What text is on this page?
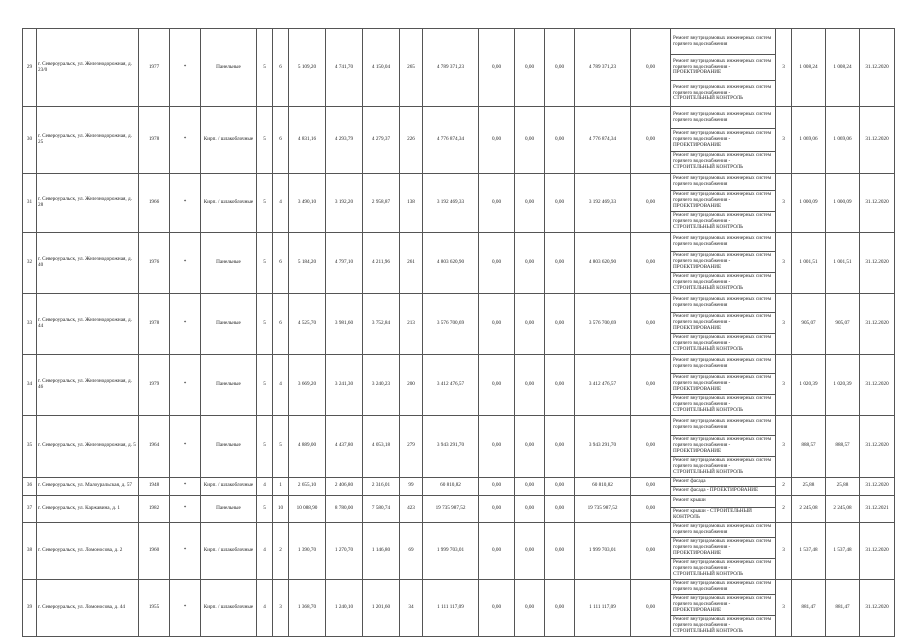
29	г. Североуральск, ул. Железнодорожная, д. 23/0	1977	*	Панельные	5	6	5 109,20	4 741,70	4 150,04	265	4 789 371,23	0,00	0,00	0,00	4 789 371,23	0,00	Ремонт внутридомовых инженерных систем горячего водоснабжения	3	1 008,24	1 008,24	31.12.2020
																	Ремонт внутридомовых инженерных систем горячего водоснабжения - ПРОЕКТИРОВАНИЕ				
																	Ремонт внутридомовых инженерных систем горячего водоснабжения - СТРОИТЕЛЬНЫЙ КОНТРОЛЬ				
30	г. Североуральск, ул. Железнодорожная, д. 25	1978	*	Кирп. / шлакоблочные	5	6	4 831,16	4 293,79	4 279,37	226	4 776 874,34	0,00	0,00	0,00	4 776 874,34	0,00	Ремонт внутридомовых инженерных систем горячего водоснабжения	3	1 069,06	1 069,06	31.12.2020
																	Ремонт внутридомовых инженерных систем горячего водоснабжения - ПРОЕКТИРОВАНИЕ				
																	Ремонт внутридомовых инженерных систем горячего водоснабжения - СТРОИТЕЛЬНЫЙ КОНТРОЛЬ				
31	г. Североуральск, ул. Железнодорожная, д. 28	1966	*	Кирп. / шлакоблочные	5	4	3 490,10	3 192,20	2 958,87	138	3 192 469,33	0,00	0,00	0,00	3 192 469,33	0,00	Ремонт внутридомовых инженерных систем горячего водоснабжения	3	1 000,09	1 000,09	31.12.2020
																	Ремонт внутридомовых инженерных систем горячего водоснабжения - ПРОЕКТИРОВАНИЕ				
																	Ремонт внутридомовых инженерных систем горячего водоснабжения - СТРОИТЕЛЬНЫЙ КОНТРОЛЬ				
32	г. Североуральск, ул. Железнодорожная, д. 40	1976	*	Панельные	5	6	5 184,20	4 797,10	4 211,96	261	4 803 620,90	0,00	0,00	0,00	4 803 620,90	0,00	Ремонт внутридомовых инженерных систем горячего водоснабжения	3	1 001,51	1 001,51	31.12.2020
																	Ремонт внутридомовых инженерных систем горячего водоснабжения - ПРОЕКТИРОВАНИЕ				
																	Ремонт внутридомовых инженерных систем горячего водоснабжения - СТРОИТЕЛЬНЫЙ КОНТРОЛЬ				
33	г. Североуральск, ул. Железнодорожная, д. 44	1978	*	Панельные	5	6	4 525,70	3 981,60	3 752,84	213	3 576 700,69	0,00	0,00	0,00	3 576 700,69	0,00	Ремонт внутридомовых инженерных систем горячего водоснабжения	3	905,07	905,07	31.12.2020
																	Ремонт внутридомовых инженерных систем горячего водоснабжения - ПРОЕКТИРОВАНИЕ				
																	Ремонт внутридомовых инженерных систем горячего водоснабжения - СТРОИТЕЛЬНЫЙ КОНТРОЛЬ				
34	г. Североуральск, ул. Железнодорожная, д. 46	1979	*	Панельные	5	4	3 669,20	3 241,30	3 240,23	200	3 412 476,57	0,00	0,00	0,00	3 412 476,57	0,00	Ремонт внутридомовых инженерных систем горячего водоснабжения	3	1 020,39	1 020,39	31.12.2020
																	Ремонт внутридомовых инженерных систем горячего водоснабжения - ПРОЕКТИРОВАНИЕ				
																	Ремонт внутридомовых инженерных систем горячего водоснабжения - СТРОИТЕЛЬНЫЙ КОНТРОЛЬ				
35	г. Североуральск, ул. Железнодорожная, д. 5	1964	*	Панельные	5	5	4 889,00	4 437,80	4 053,18	279	3 943 291,70	0,00	0,00	0,00	3 943 291,70	0,00	Ремонт внутридомовых инженерных систем горячего водоснабжения	3	888,57	888,57	31.12.2020
																	Ремонт внутридомовых инженерных систем горячего водоснабжения - ПРОЕКТИРОВАНИЕ				
																	Ремонт внутридомовых инженерных систем горячего водоснабжения - СТРОИТЕЛЬНЫЙ КОНТРОЛЬ				
36	г. Североуральск, ул. Малоуральская, д. 57	1948	*	Кирп. / шлакоблочные	4	1	2 655,10	2 406,80	2 316,01	99	60 810,82	0,00	0,00	0,00	60 810,82	0,00	Ремонт фасада	2	25,88	25,88	31.12.2020
																	Ремонт фасада - ПРОЕКТИРОВАНИЕ				
37	г. Североуральск, ул. Каржавина, д. 1	1982	*	Панельные	5	10	10 088,90	8 780,00	7 580,74	423	19 735 987,52	0,00	0,00	0,00	19 735 987,52	0,00	Ремонт крыши	2	2 245,08	2 245,08	31.12.2021
																	Ремонт крыши - СТРОИТЕЛЬНЫЙ КОНТРОЛЬ				
38	г. Североуральск, ул. Ломоносова, д. 2	1960	*	Кирп. / шлакоблочные	4	2	1 390,70	1 270,70	1 146,80	69	1 999 703,01	0,00	0,00	0,00	1 999 703,01	0,00	Ремонт внутридомовых инженерных систем горячего водоснабжения	3	1 537,48	1 537,48	31.12.2020
																	Ремонт внутридомовых инженерных систем горячего водоснабжения - ПРОЕКТИРОВАНИЕ				
																	Ремонт внутридомовых инженерных систем горячего водоснабжения - СТРОИТЕЛЬНЫЙ КОНТРОЛЬ				
39	г. Североуральск, ул. Ломоносова, д. 44	1955	*	Кирп. / шлакоблочные	4	3	1 368,70	1 240,10	1 201,60	34	1 111 117,09	0,00	0,00	0,00	1 111 117,09	0,00	Ремонт внутридомовых инженерных систем горячего водоснабжения	3	881,47	881,47	31.12.2020
																	Ремонт внутридомовых инженерных систем горячего водоснабжения - ПРОЕКТИРОВАНИЕ				
																	Ремонт внутридомовых инженерных систем горячего водоснабжения - СТРОИТЕЛЬНЫЙ КОНТРОЛЬ				
